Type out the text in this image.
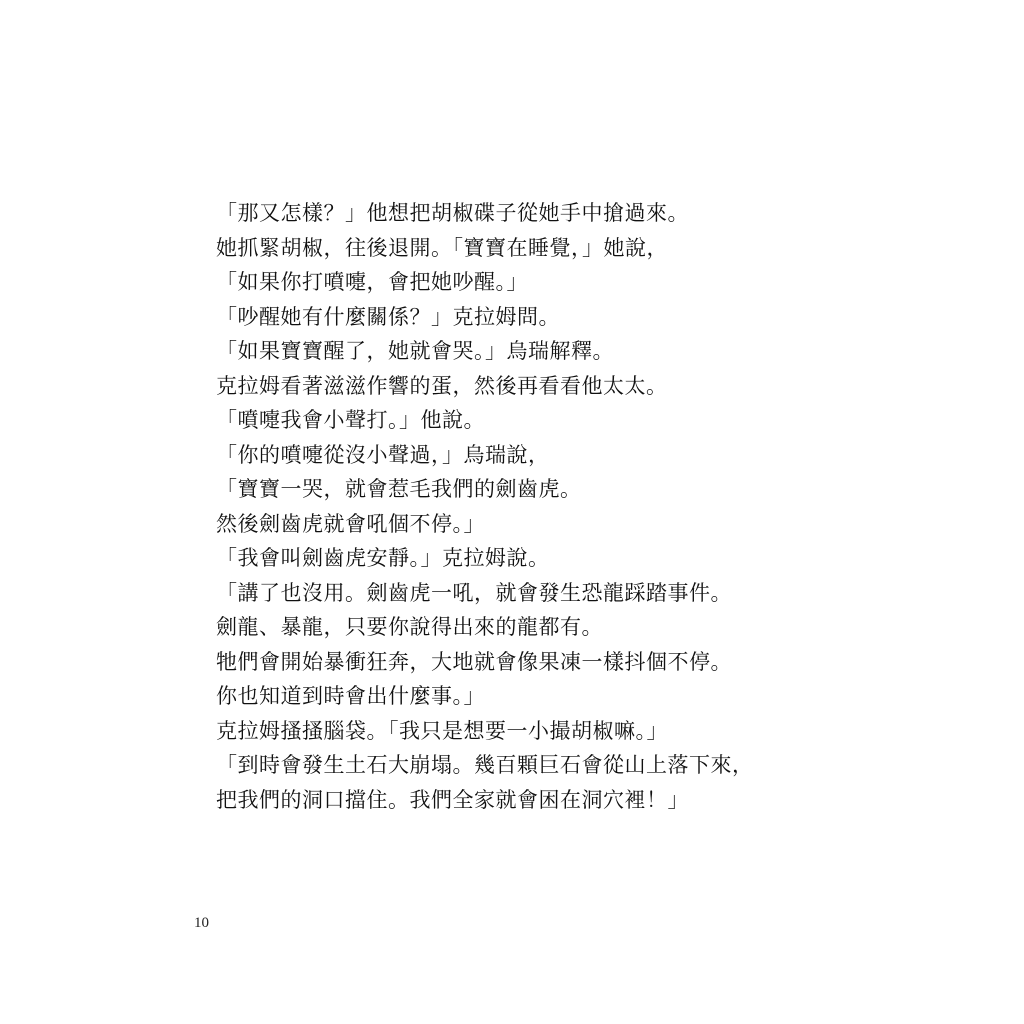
「那又怎樣？」他想把胡椒碟子從她手中搶過來。
她抓緊胡椒，往後退開。「寶寶在睡覺，」她說，
「如果你打噴嚏，會把她吵醒。」
「吵醒她有什麼關係？」克拉姆問。
「如果寶寶醒了，她就會哭。」烏瑞解釋。
克拉姆看著滋滋作響的蛋，然後再看看他太太。
「噴嚏我會小聲打。」他說。
「你的噴嚏從沒小聲過，」烏瑞說，
「寶寶一哭，就會惹毛我們的劍齒虎。
然後劍齒虎就會吼個不停。」
「我會叫劍齒虎安靜。」克拉姆說。
「講了也沒用。劍齒虎一吼，就會發生恐龍踩踏事件。
劍龍、暴龍，只要你說得出來的龍都有。
牠們會開始暴衝狂奔，大地就會像果凍一樣抖個不停。
你也知道到時會出什麼事。」
克拉姆搔搔腦袋。「我只是想要一小撮胡椒嘛。」
「到時會發生土石大崩塌。幾百顆巨石會從山上落下來，
把我們的洞口擋住。我們全家就會困在洞穴裡！」
10
